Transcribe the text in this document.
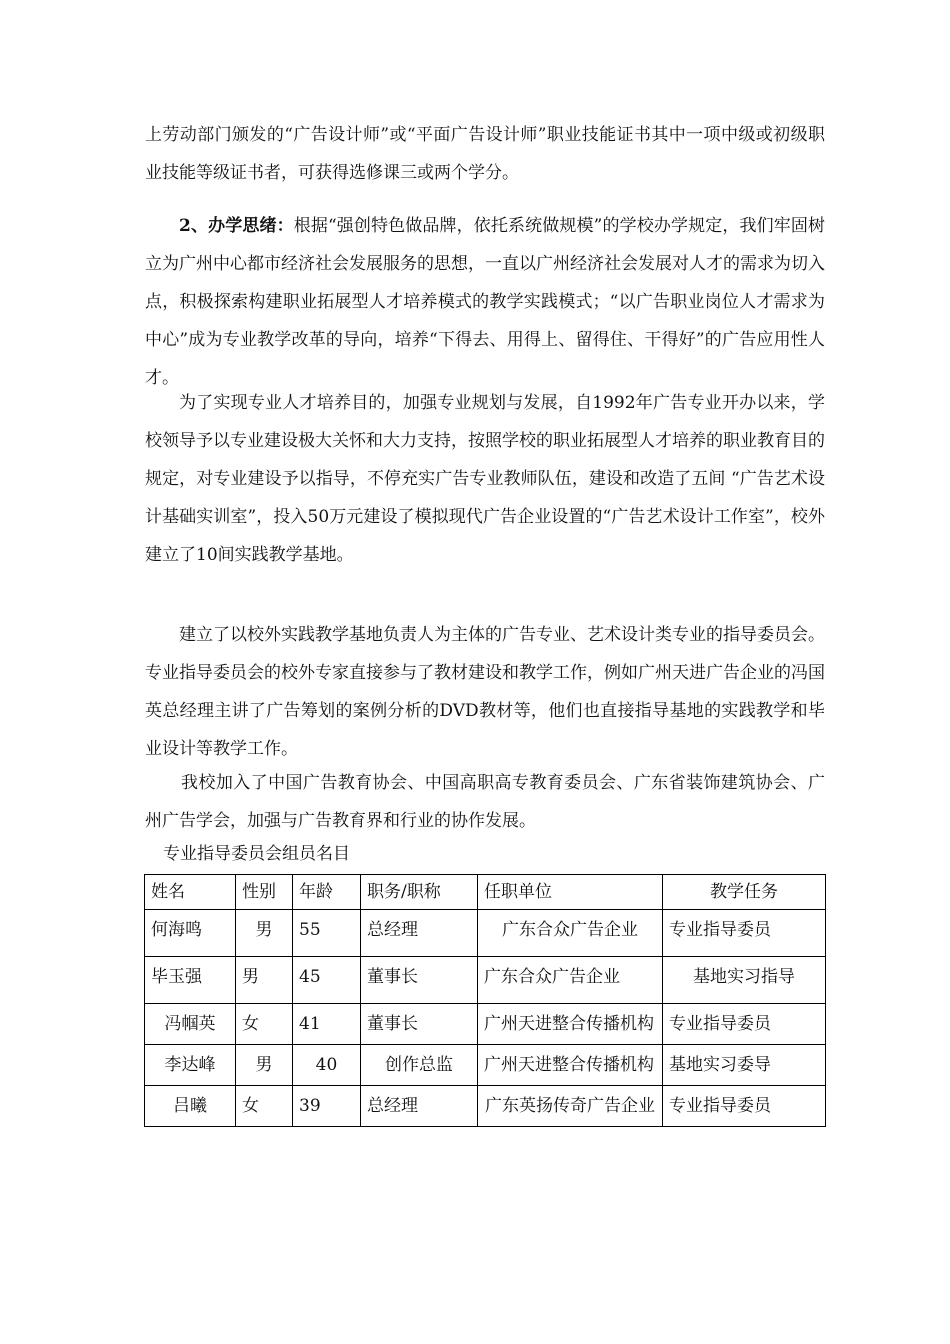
上劳动部门颁发的“广告设计师”或“平面广告设计师”职业技能证书其中一项中级或初级职业技能等级证书者，可获得选修课三或两个学分。

2、办学思绪：根据“强创特色做品牌，依托系统做规模”的学校办学规定，我们牢固树立为广州中心都市经济社会发展服务的思想，一直以广州经济社会发展对人才的需求为切入点，积极探索构建职业拓展型人才培养模式的教学实践模式；“以广告职业岗位人才需求为中心”成为专业教学改革的导向，培养“下得去、用得上、留得住、干得好”的广告应用性人才。

为了实现专业人才培养目的，加强专业规划与发展，自1992年广告专业开办以来，学校领导予以专业建设极大关怀和大力支持，按照学校的职业拓展型人才培养的职业教育目的规定，对专业建设予以指导，不停充实广告专业教师队伍，建设和改造了五间 “广告艺术设计基础实训室”，投入50万元建设了模拟现代广告企业设置的“广告艺术设计工作室”，校外建立了10间实践教学基地。

建立了以校外实践教学基地负责人为主体的广告专业、艺术设计类专业的指导委员会。专业指导委员会的校外专家直接参与了教材建设和教学工作，例如广州天进广告企业的冯国英总经理主讲了广告筹划的案例分析的DVD教材等，他们也直接指导基地的实践教学和毕业设计等教学工作。

我校加入了中国广告教育协会、中国高职高专教育委员会、广东省装饰建筑协会、广州广告学会，加强与广告教育界和行业的协作发展。

专业指导委员会组员名目
姓名	性别	年龄	职务/职称	任职单位	教学任务
何海鸣	男	55	总经理	广东合众广告企业	专业指导委员
毕玉强	男	45	董事长	广东合众广告企业	基地实习指导
冯帼英	女	41	董事长	广州天进整合传播机构	专业指导委员
李达峰	男	40	创作总监	广州天进整合传播机构	基地实习委导
吕曦	女	39	总经理	广东英扬传奇广告企业	专业指导委员
